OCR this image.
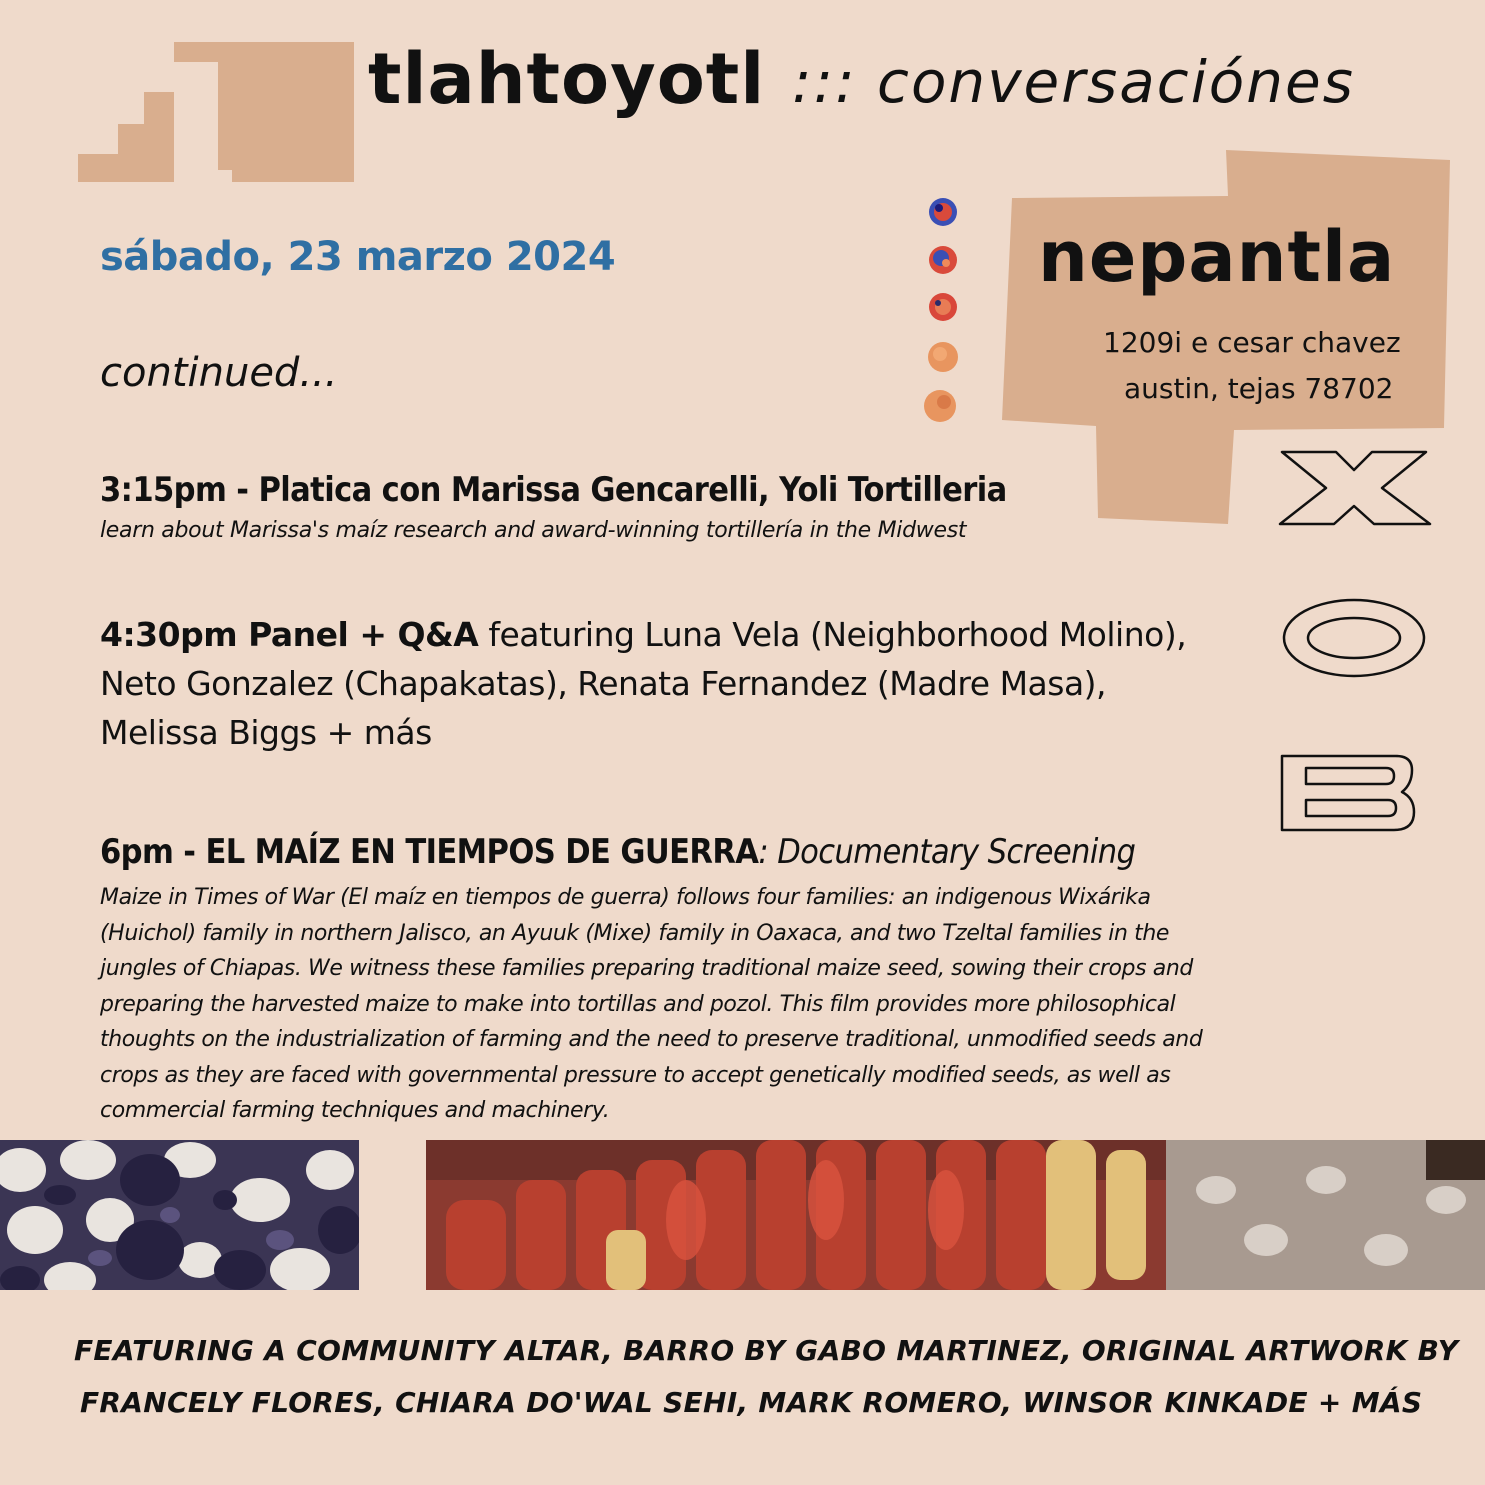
tlahtoyotl ::: conversaciónes
sábado, 23 marzo 2024
continued...
nepantla
1209i e cesar chavez
austin, tejas 78702
3:15pm - Platica con Marissa Gencarelli, Yoli Tortilleria
learn about Marissa's maíz research and award-winning tortillería in the Midwest
4:30pm Panel + Q&A featuring Luna Vela (Neighborhood Molino),
Neto Gonzalez (Chapakatas), Renata Fernandez (Madre Masa),
Melissa Biggs + más
6pm - EL MAÍZ EN TIEMPOS DE GUERRA: Documentary Screening
Maize in Times of War (El maíz en tiempos de guerra) follows four families: an indigenous Wixárika
(Huichol) family in northern Jalisco, an Ayuuk (Mixe) family in Oaxaca, and two Tzeltal families in the
jungles of Chiapas. We witness these families preparing traditional maize seed, sowing their crops and
preparing the harvested maize to make into tortillas and pozol. This film provides more philosophical
thoughts on the industrialization of farming and the need to preserve traditional, unmodified seeds and
crops as they are faced with governmental pressure to accept genetically modified seeds, as well as
commercial farming techniques and machinery.
FEATURING A COMMUNITY ALTAR, BARRO BY GABO MARTINEZ, ORIGINAL ARTWORK BY
FRANCELY FLORES, CHIARA DO'WAL SEHI, MARK ROMERO, WINSOR KINKADE + MÁS
